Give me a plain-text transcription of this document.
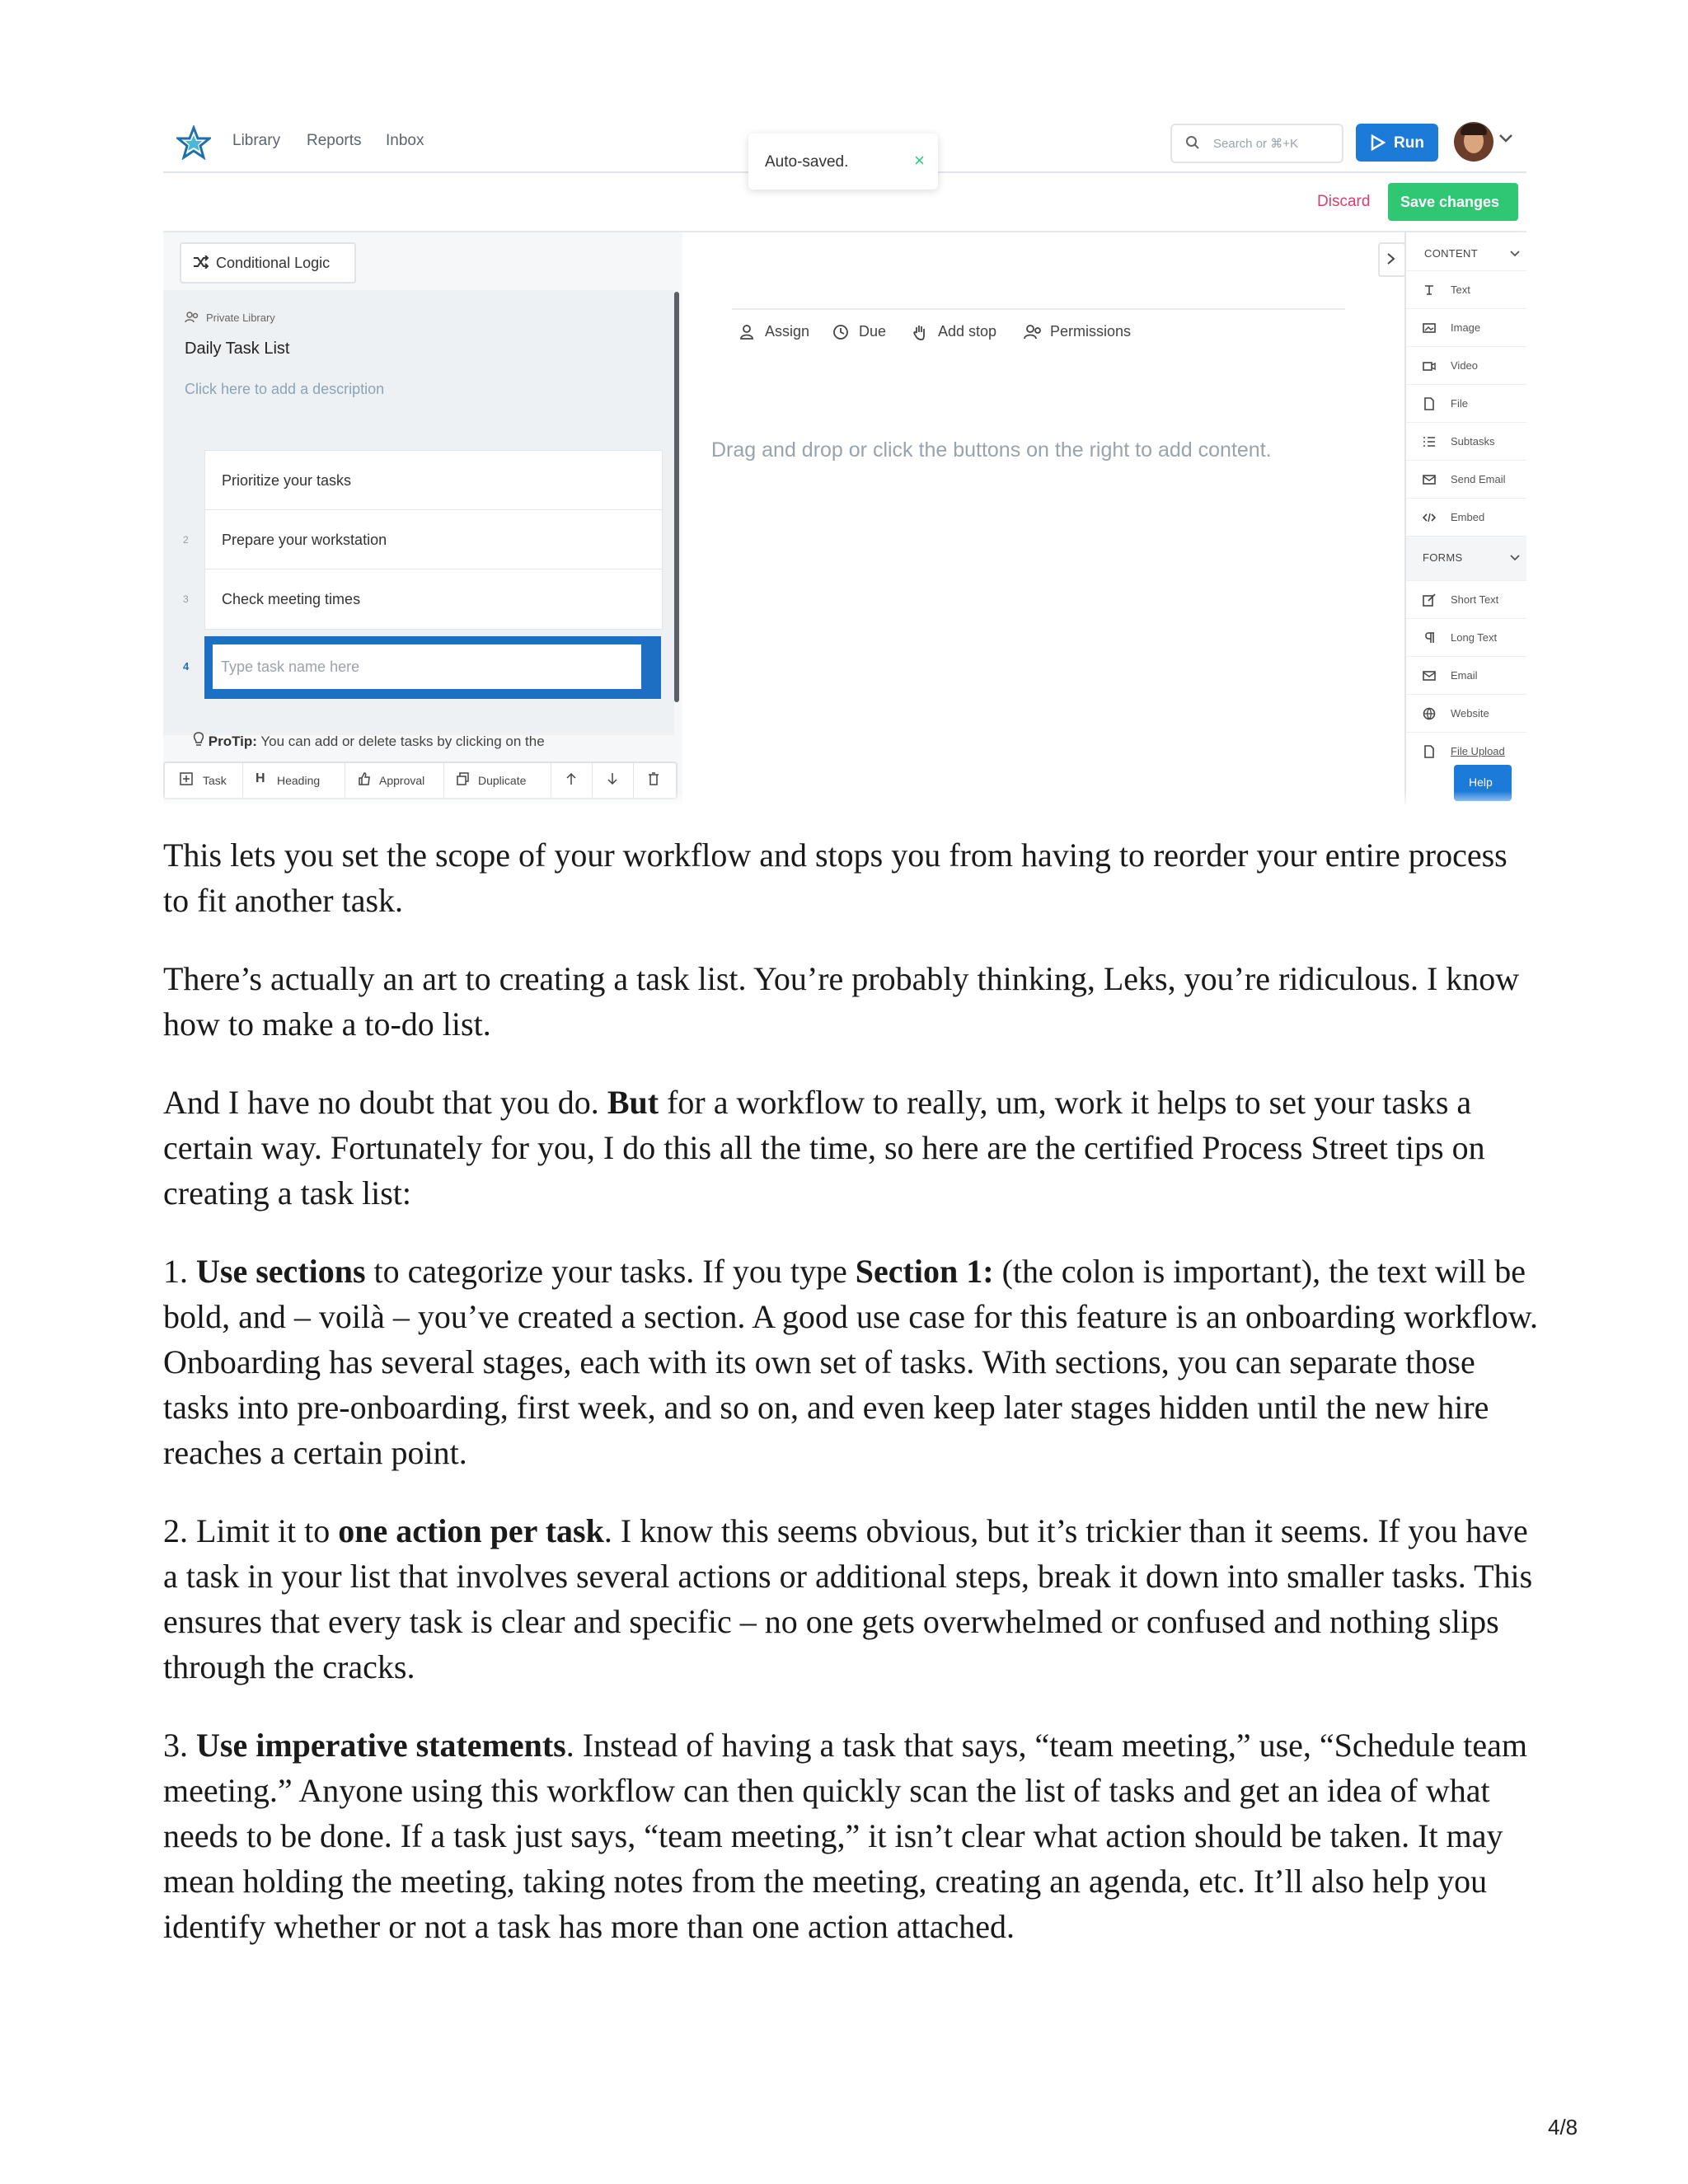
Library Reports Inbox	Search or ⌘+K	Run
Auto-saved.	×
Discard Save changes
Conditional Logic
Private Library
Daily Task List
Click here to add a description
Prioritize your tasks
2 Prepare your workstation
3 Check meeting times
4
Type task name here
ProTip: You can add or delete tasks by clicking on the
Task H Heading	Approval	Duplicate
Assign	Due	Add stop	Permissions
Drag and drop or click the buttons on the right to add content.
CONTENT
Text
Image
Video
File
Subtasks
Send Email
Embed
FORMS
Short Text
Long Text
Email
Website
File Upload
Help

This lets you set the scope of your workflow and stops you from having to reorder your entire process to fit another task.

There’s actually an art to creating a task list. You’re probably thinking, Leks, you’re ridiculous. I know how to make a to-do list.

And I have no doubt that you do. But for a workflow to really, um, work it helps to set your tasks a certain way. Fortunately for you, I do this all the time, so here are the certified Process Street tips on creating a task list:

1. Use sections to categorize your tasks. If you type Section 1: (the colon is important), the text will be bold, and – voilà – you’ve created a section. A good use case for this feature is an onboarding workflow. Onboarding has several stages, each with its own set of tasks. With sections, you can separate those tasks into pre-onboarding, first week, and so on, and even keep later stages hidden until the new hire reaches a certain point.

2. Limit it to one action per task. I know this seems obvious, but it’s trickier than it seems. If you have a task in your list that involves several actions or additional steps, break it down into smaller tasks. This ensures that every task is clear and specific – no one gets overwhelmed or confused and nothing slips through the cracks.

3. Use imperative statements. Instead of having a task that says, “team meeting,” use, “Schedule team meeting.” Anyone using this workflow can then quickly scan the list of tasks and get an idea of what needs to be done. If a task just says, “team meeting,” it isn’t clear what action should be taken. It may mean holding the meeting, taking notes from the meeting, creating an agenda, etc. It’ll also help you identify whether or not a task has more than one action attached.

4/8
